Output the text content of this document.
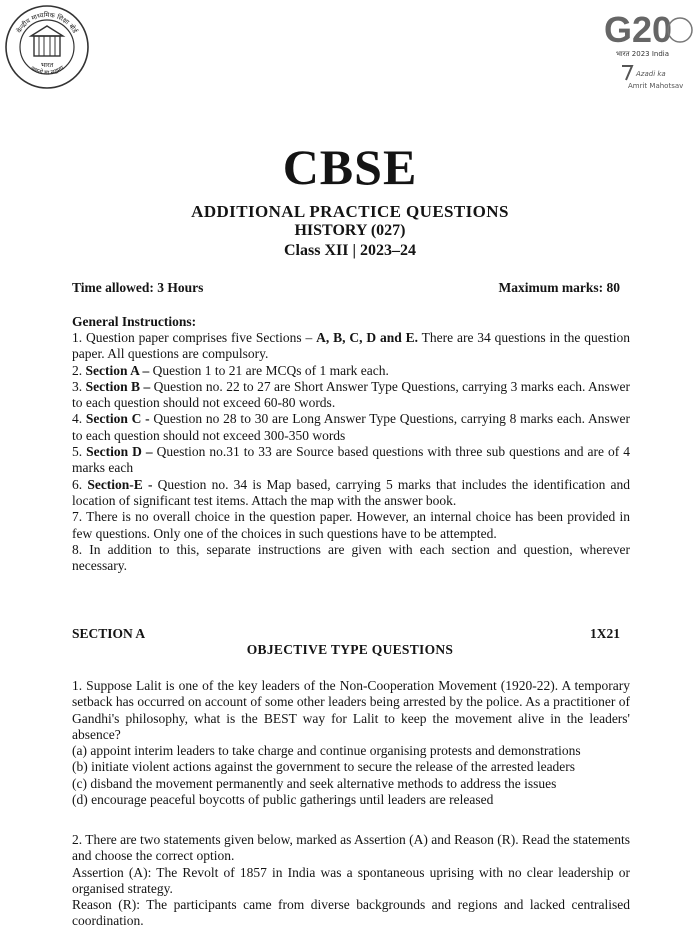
केन्द्रीय माध्यमिक शिक्षा बोर्ड
असतो मा सद्गमय
भारत
G20
भारत 2023 India
Azadi ka
Amrit Mahotsav
CBSE
ADDITIONAL PRACTICE QUESTIONS
HISTORY (027)
Class XII | 2023–24
Time allowed: 3 Hours	Maximum marks: 80
General Instructions:

1. Question paper comprises five Sections – A, B, C, D and E. There are 34 questions in the question paper. All questions are compulsory.

2. Section A – Question 1 to 21 are MCQs of 1 mark each.

3. Section B – Question no. 22 to 27 are Short Answer Type Questions, carrying 3 marks each. Answer to each question should not exceed 60-80 words.

4. Section C - Question no 28 to 30 are Long Answer Type Questions, carrying 8 marks each. Answer to each question should not exceed 300-350 words

5. Section D – Question no.31 to 33 are Source based questions with three sub questions and are of 4 marks each

6. Section-E - Question no. 34 is Map based, carrying 5 marks that includes the identification and location of significant test items. Attach the map with the answer book.

7. There is no overall choice in the question paper. However, an internal choice has been provided in few questions. Only one of the choices in such questions have to be attempted.

8. In addition to this, separate instructions are given with each section and question, wherever necessary.

SECTION A	1X21
OBJECTIVE TYPE QUESTIONS

1. Suppose Lalit is one of the key leaders of the Non-Cooperation Movement (1920-22). A temporary setback has occurred on account of some other leaders being arrested by the police. As a practitioner of Gandhi's philosophy, what is the BEST way for Lalit to keep the movement alive in the leaders' absence?

(a) appoint interim leaders to take charge and continue organising protests and demonstrations

(b) initiate violent actions against the government to secure the release of the arrested leaders

(c) disband the movement permanently and seek alternative methods to address the issues

(d) encourage peaceful boycotts of public gatherings until leaders are released

2. There are two statements given below, marked as Assertion (A) and Reason (R). Read the statements and choose the correct option.

Assertion (A): The Revolt of 1857 in India was a spontaneous uprising with no clear leadership or organised strategy.

Reason (R): The participants came from diverse backgrounds and regions and lacked centralised coordination.
